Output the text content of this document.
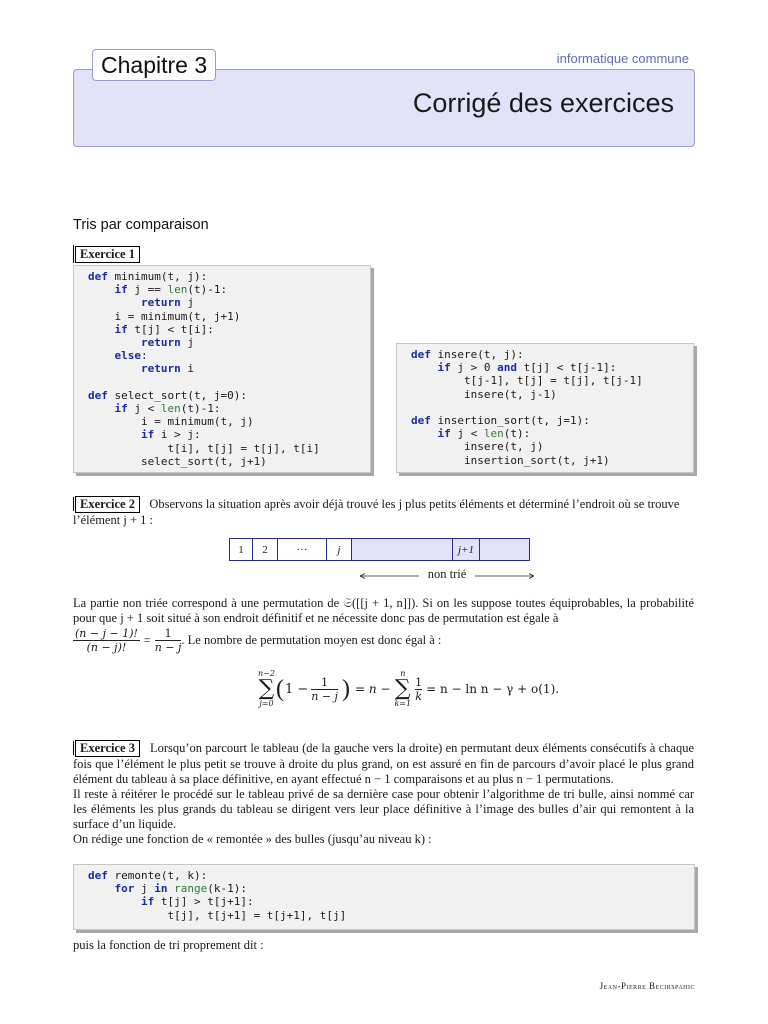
Chapitre 3	informatique commune
Corrigé des exercices
Tris par comparaison
Exercice 1
def minimum(t, j):
if j == len(t)-1:
return j
i = minimum(t, j+1)
if t[j] < t[i]:
return j
else:
return i

def select_sort(t, j=0):
if j < len(t)-1:
i = minimum(t, j)
if i > j:
t[i], t[j] = t[j], t[i]
select_sort(t, j+1)
def insere(t, j):
if j > 0 and t[j] < t[j-1]:
t[j-1], t[j] = t[j], t[j-1]
insere(t, j-1)

def insertion_sort(t, j=1):
if j < len(t):
insere(t, j)
insertion_sort(t, j+1)
Exercice 2 Observons la situation après avoir déjà trouvé les j plus petits éléments et déterminé l’endroit où se trouve l’élément j + 1 :
1	2	···	j	j+1
non trié
La partie non triée correspond à une permutation de 𝔖([[j + 1, n]]). Si on les suppose toutes équiprobables, la probabilité pour que j + 1 soit situé à son endroit définitif et ne nécessite donc pas de permutation est égale à
(n − j − 1)!
(n − j)!
= 1
n − j
. Le nombre de permutation moyen est donc égal à :
n−2
∑
j=0
( 1 − 1
n − j ) = n −
n
∑
k=1
1
k = n − ln n − γ + o(1).
Exercice 3 Lorsqu’on parcourt le tableau (de la gauche vers la droite) en permutant deux éléments consécutifs à chaque fois que l’élément le plus petit se trouve à droite du plus grand, on est assuré en fin de parcours d’avoir placé le plus grand élément du tableau à sa place définitive, en ayant effectué n − 1 comparaisons et au plus n − 1 permutations.
Il reste à réitérer le procédé sur le tableau privé de sa dernière case pour obtenir l’algorithme de tri bulle, ainsi nommé car les éléments les plus grands du tableau se dirigent vers leur place définitive à l’image des bulles d’air qui remontent à la surface d’un liquide.
On rédige une fonction de « remontée » des bulles (jusqu’au niveau k) :
def remonte(t, k):
for j in range(k-1):
if t[j] > t[j+1]:
t[j], t[j+1] = t[j+1], t[j]
puis la fonction de tri proprement dit :
Jean-Pierre Becirspahic
